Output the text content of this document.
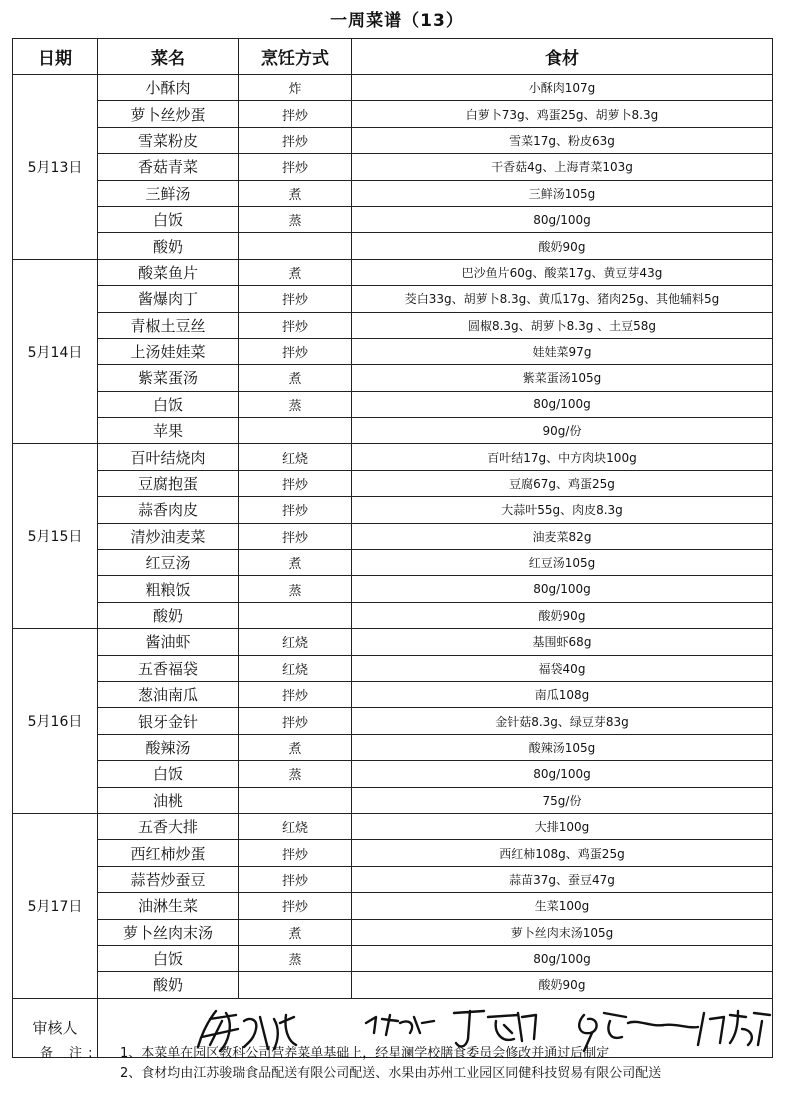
一周菜谱（13）
日期	菜名	烹饪方式	食材
5月13日	小酥肉	炸	小酥肉107g
	萝卜丝炒蛋	拌炒	白萝卜73g、鸡蛋25g、胡萝卜8.3g
	雪菜粉皮	拌炒	雪菜17g、粉皮63g
	香菇青菜	拌炒	干香菇4g、上海青菜103g
	三鲜汤	煮	三鲜汤105g
	白饭	蒸	80g/100g
	酸奶		酸奶90g
5月14日	酸菜鱼片	煮	巴沙鱼片60g、酸菜17g、黄豆芽43g
	酱爆肉丁	拌炒	茭白33g、胡萝卜8.3g、黄瓜17g、猪肉25g、其他辅料5g
	青椒土豆丝	拌炒	圆椒8.3g、胡萝卜8.3g 、土豆58g
	上汤娃娃菜	拌炒	娃娃菜97g
	紫菜蛋汤	煮	紫菜蛋汤105g
	白饭	蒸	80g/100g
	苹果		90g/份
5月15日	百叶结烧肉	红烧	百叶结17g、中方肉块100g
	豆腐抱蛋	拌炒	豆腐67g、鸡蛋25g
	蒜香肉皮	拌炒	大蒜叶55g、肉皮8.3g
	清炒油麦菜	拌炒	油麦菜82g
	红豆汤	煮	红豆汤105g
	粗粮饭	蒸	80g/100g
	酸奶		酸奶90g
5月16日	酱油虾	红烧	基围虾68g
	五香福袋	红烧	福袋40g
	葱油南瓜	拌炒	南瓜108g
	银牙金针	拌炒	金针菇8.3g、绿豆芽83g
	酸辣汤	煮	酸辣汤105g
	白饭	蒸	80g/100g
	油桃		75g/份
5月17日	五香大排	红烧	大排100g
	西红柿炒蛋	拌炒	西红柿108g、鸡蛋25g
	蒜苔炒蚕豆	拌炒	蒜苗37g、蚕豆47g
	油淋生菜	拌炒	生菜100g
	萝卜丝肉末汤	煮	萝卜丝肉末汤105g
	白饭	蒸	80g/100g
	酸奶		酸奶90g
审核人	
备 注: 1、本菜单在园区教科公司营养菜单基础上，经星澜学校膳食委员会修改并通过后制定
2、食材均由江苏骏瑞食品配送有限公司配送、水果由苏州工业园区同健科技贸易有限公司配送
